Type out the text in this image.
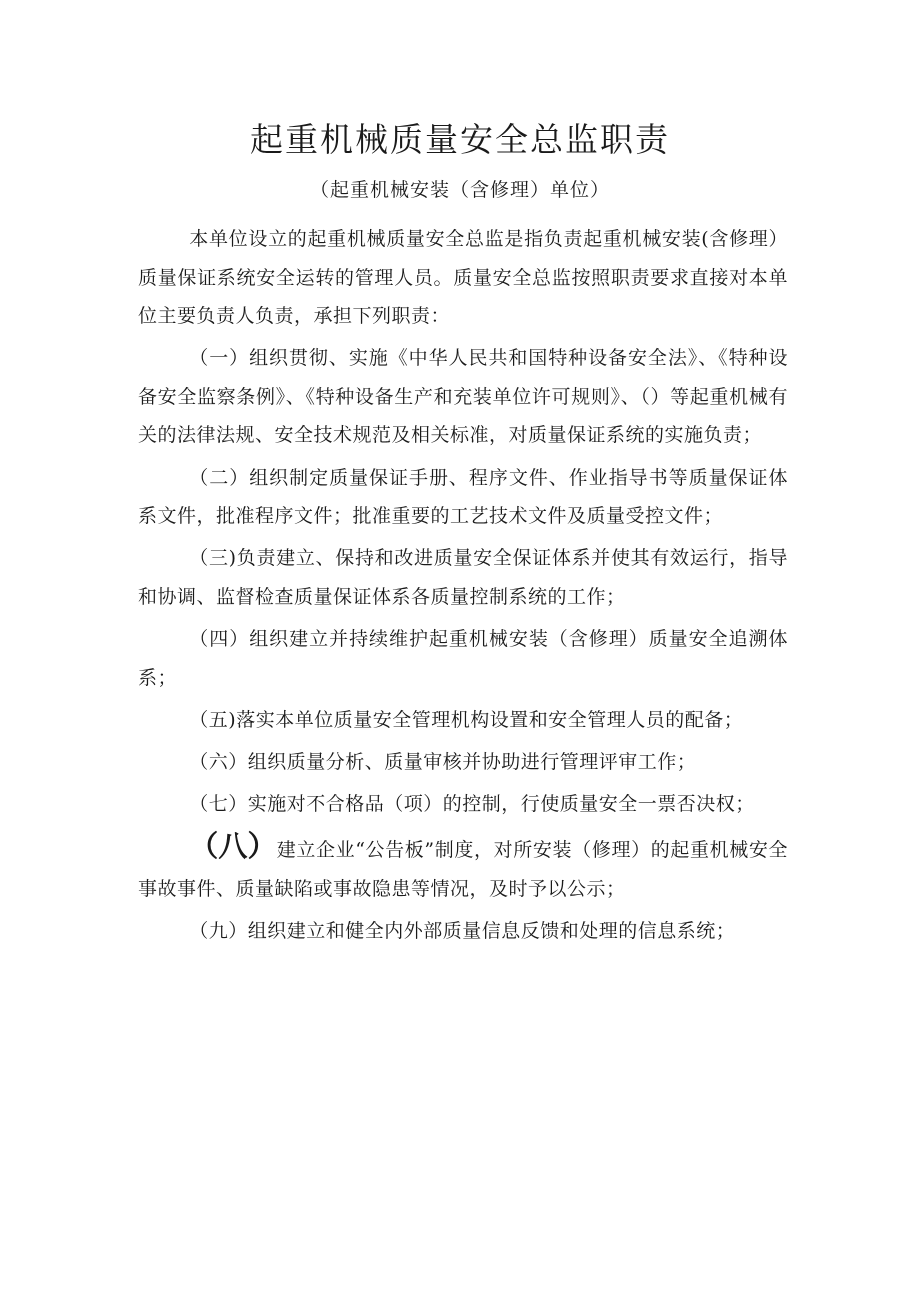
起重机械质量安全总监职责
（起重机械安装（含修理）单位）

本单位设立的起重机械质量安全总监是指负责起重机械安装(含修理）质量保证系统安全运转的管理人员。质量安全总监按照职责要求直接对本单位主要负责人负责，承担下列职责：

（一）组织贯彻、实施《中华人民共和国特种设备安全法》、《特种设备安全监察条例》、《特种设备生产和充装单位许可规则》、（）等起重机械有关的法律法规、安全技术规范及相关标准，对质量保证系统的实施负责；

（二）组织制定质量保证手册、程序文件、作业指导书等质量保证体系文件，批准程序文件；批准重要的工艺技术文件及质量受控文件；

（三)负责建立、保持和改进质量安全保证体系并使其有效运行，指导和协调、监督检查质量保证体系各质量控制系统的工作；

（四）组织建立并持续维护起重机械安装（含修理）质量安全追溯体系；

（五)落实本单位质量安全管理机构设置和安全管理人员的配备；

（六）组织质量分析、质量审核并协助进行管理评审工作；

（七）实施对不合格品（项）的控制，行使质量安全一票否决权；

（八）建立企业“公告板”制度，对所安装（修理）的起重机械安全事故事件、质量缺陷或事故隐患等情况，及时予以公示；

（九）组织建立和健全内外部质量信息反馈和处理的信息系统；
